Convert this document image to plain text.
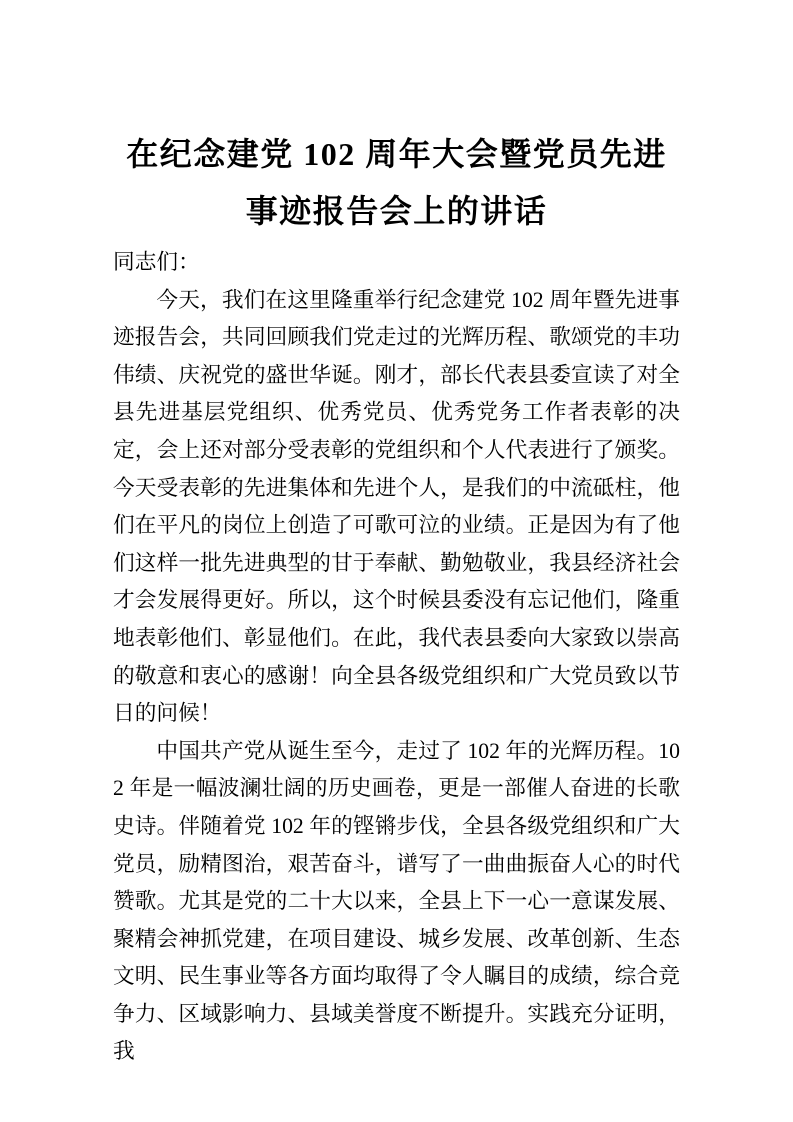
在纪念建党 102 周年大会暨党员先进事迹报告会上的讲话

同志们：

今天，我们在这里隆重举行纪念建党 102 周年暨先进事迹报告会，共同回顾我们党走过的光辉历程、歌颂党的丰功伟绩、庆祝党的盛世华诞。刚才，部长代表县委宣读了对全县先进基层党组织、优秀党员、优秀党务工作者表彰的决定，会上还对部分受表彰的党组织和个人代表进行了颁奖。今天受表彰的先进集体和先进个人，是我们的中流砥柱，他们在平凡的岗位上创造了可歌可泣的业绩。正是因为有了他们这样一批先进典型的甘于奉献、勤勉敬业，我县经济社会才会发展得更好。所以，这个时候县委没有忘记他们，隆重地表彰他们、彰显他们。在此，我代表县委向大家致以崇高的敬意和衷心的感谢！向全县各级党组织和广大党员致以节日的问候！

中国共产党从诞生至今，走过了 102 年的光辉历程。102 年是一幅波澜壮阔的历史画卷，更是一部催人奋进的长歌史诗。伴随着党 102 年的铿锵步伐，全县各级党组织和广大党员，励精图治，艰苦奋斗，谱写了一曲曲振奋人心的时代赞歌。尤其是党的二十大以来，全县上下一心一意谋发展、聚精会神抓党建，在项目建设、城乡发展、改革创新、生态文明、民生事业等各方面均取得了令人瞩目的成绩，综合竞争力、区域影响力、县域美誉度不断提升。实践充分证明，我
